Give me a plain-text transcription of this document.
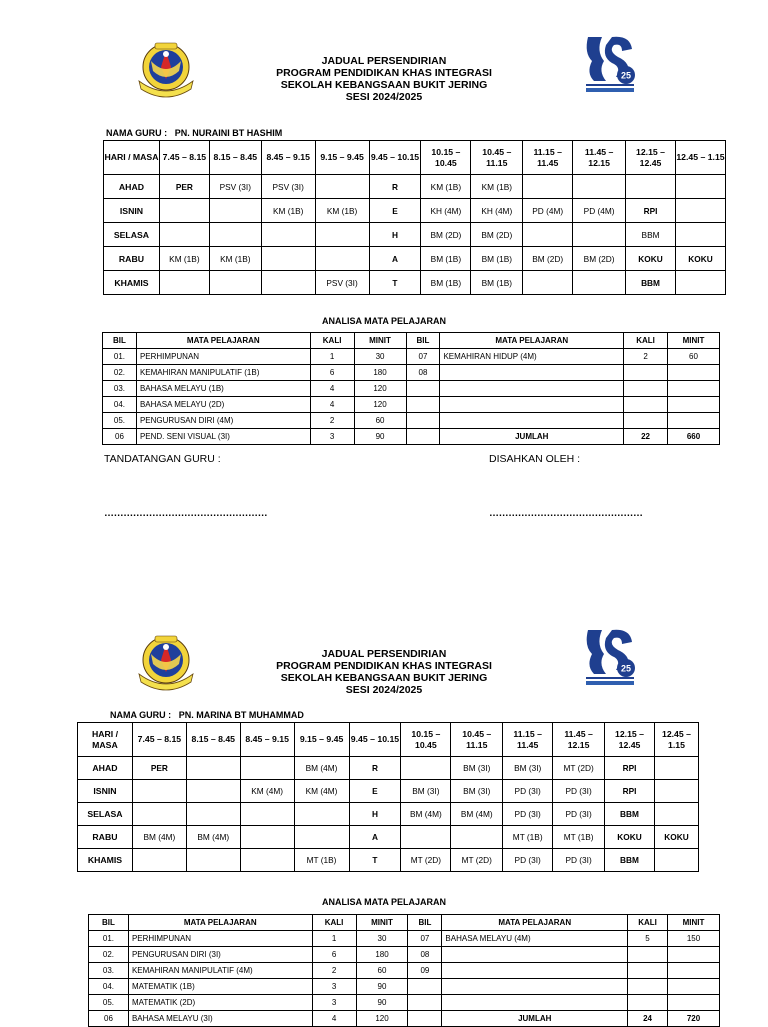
25
JADUAL PERSENDIRIAN
PROGRAM PENDIDIKAN KHAS INTEGRASI
SEKOLAH KEBANGSAAN BUKIT JERING
SESI 2024/2025
NAMA GURU : PN. NURAINI BT HASHIM
HARI / MASA	7.45 – 8.15	8.15 – 8.45	8.45 – 9.15	9.15 – 9.45	9.45 – 10.15	10.15 – 10.45	10.45 – 11.15	11.15 – 11.45	11.45 – 12.15	12.15 – 12.45	12.45 – 1.15
AHAD	PER	PSV (3I)	PSV (3I)		R	KM (1B)	KM (1B)				
ISNIN			KM (1B)	KM (1B)	E	KH (4M)	KH (4M)	PD (4M)	PD (4M)	RPI	
SELASA					H	BM (2D)	BM (2D)			BBM	
RABU	KM (1B)	KM (1B)			A	BM (1B)	BM (1B)	BM (2D)	BM (2D)	KOKU	KOKU
KHAMIS				PSV (3I)	T	BM (1B)	BM (1B)			BBM	
ANALISA MATA PELAJARAN
BIL	MATA PELAJARAN	KALI	MINIT	BIL	MATA PELAJARAN	KALI	MINIT
01.	PERHIMPUNAN	1	30	07	KEMAHIRAN HIDUP (4M)	2	60
02.	KEMAHIRAN MANIPULATIF (1B)	6	180	08			
03.	BAHASA MELAYU (1B)	4	120				
04.	BAHASA MELAYU (2D)	4	120				
05.	PENGURUSAN DIRI (4M)	2	60				
06	PEND. SENI VISUAL (3I)	3	90		JUMLAH	22	660
TANDATANGAN GURU :	DISAHKAN OLEH :
……………………………………………	…………………………………………
25
JADUAL PERSENDIRIAN
PROGRAM PENDIDIKAN KHAS INTEGRASI
SEKOLAH KEBANGSAAN BUKIT JERING
SESI 2024/2025
NAMA GURU : PN. MARINA BT MUHAMMAD
HARI / MASA	7.45 – 8.15	8.15 – 8.45	8.45 – 9.15	9.15 – 9.45	9.45 – 10.15	10.15 – 10.45	10.45 – 11.15	11.15 – 11.45	11.45 – 12.15	12.15 – 12.45	12.45 – 1.15
AHAD	PER			BM (4M)	R		BM (3I)	BM (3I)	MT (2D)	RPI	
ISNIN			KM (4M)	KM (4M)	E	BM (3I)	BM (3I)	PD (3I)	PD (3I)	RPI	
SELASA					H	BM (4M)	BM (4M)	PD (3I)	PD (3I)	BBM	
RABU	BM (4M)	BM (4M)			A			MT (1B)	MT (1B)	KOKU	KOKU
KHAMIS				MT (1B)	T	MT (2D)	MT (2D)	PD (3I)	PD (3I)	BBM	
ANALISA MATA PELAJARAN
BIL	MATA PELAJARAN	KALI	MINIT	BIL	MATA PELAJARAN	KALI	MINIT
01.	PERHIMPUNAN	1	30	07	BAHASA MELAYU (4M)	5	150
02.	PENGURUSAN DIRI (3I)	6	180	08			
03.	KEMAHIRAN MANIPULATIF (4M)	2	60	09			
04.	MATEMATIK (1B)	3	90				
05.	MATEMATIK (2D)	3	90				
06	BAHASA MELAYU (3I)	4	120		JUMLAH	24	720
